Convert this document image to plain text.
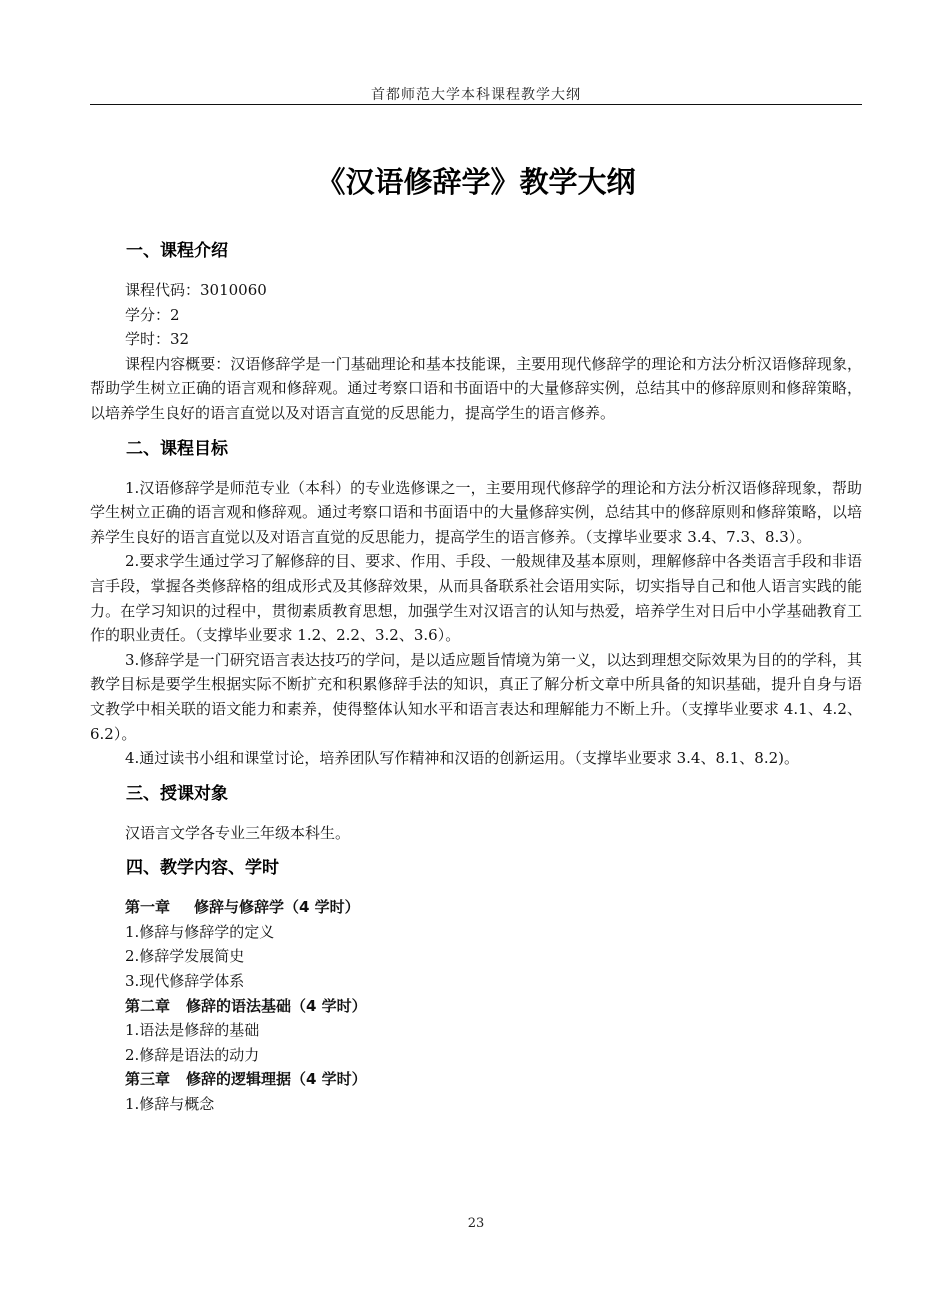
首都师范大学本科课程教学大纲
《汉语修辞学》教学大纲
一、课程介绍

课程代码：3010060

学分：2

学时：32

课程内容概要：汉语修辞学是一门基础理论和基本技能课，主要用现代修辞学的理论和方法分析汉语修辞现象，帮助学生树立正确的语言观和修辞观。通过考察口语和书面语中的大量修辞实例，总结其中的修辞原则和修辞策略，以培养学生良好的语言直觉以及对语言直觉的反思能力，提高学生的语言修养。

二、课程目标

1.汉语修辞学是师范专业（本科）的专业选修课之一，主要用现代修辞学的理论和方法分析汉语修辞现象，帮助学生树立正确的语言观和修辞观。通过考察口语和书面语中的大量修辞实例，总结其中的修辞原则和修辞策略，以培养学生良好的语言直觉以及对语言直觉的反思能力，提高学生的语言修养。（支撑毕业要求 3.4、7.3、8.3）。

2.要求学生通过学习了解修辞的目、要求、作用、手段、一般规律及基本原则，理解修辞中各类语言手段和非语言手段，掌握各类修辞格的组成形式及其修辞效果，从而具备联系社会语用实际，切实指导自己和他人语言实践的能力。在学习知识的过程中，贯彻素质教育思想，加强学生对汉语言的认知与热爱，培养学生对日后中小学基础教育工作的职业责任。（支撑毕业要求 1.2、2.2、3.2、3.6）。

3.修辞学是一门研究语言表达技巧的学问，是以适应题旨情境为第一义，以达到理想交际效果为目的的学科，其教学目标是要学生根据实际不断扩充和积累修辞手法的知识，真正了解分析文章中所具备的知识基础，提升自身与语文教学中相关联的语文能力和素养，使得整体认知水平和语言表达和理解能力不断上升。（支撑毕业要求 4.1、4.2、6.2）。

4.通过读书小组和课堂讨论，培养团队写作精神和汉语的创新运用。（支撑毕业要求 3.4、8.1、8.2)。

三、授课对象

汉语言文学各专业三年级本科生。

四、教学内容、学时
第一章 修辞与修辞学（4 学时）

1.修辞与修辞学的定义

2.修辞学发展简史

3.现代修辞学体系

第二章 修辞的语法基础（4 学时）

1.语法是修辞的基础

2.修辞是语法的动力

第三章 修辞的逻辑理据（4 学时）

1.修辞与概念

23
